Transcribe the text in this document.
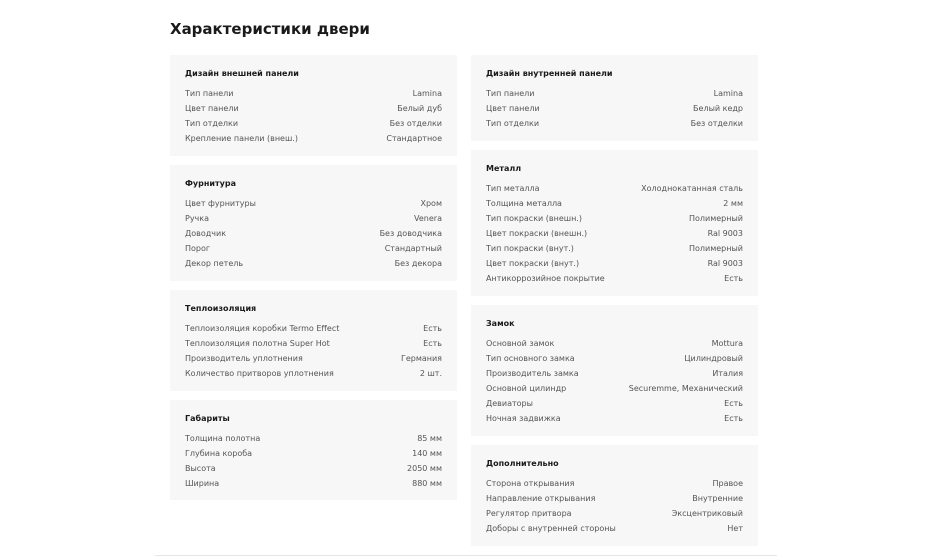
Характеристики двери
Дизайн внешней панели
Тип панели	Lamina
Цвет панели	Белый дуб
Тип отделки	Без отделки
Крепление панели (внеш.)	Стандартное
Фурнитура
Цвет фурнитуры	Хром
Ручка	Venera
Доводчик	Без доводчика
Порог	Стандартный
Декор петель	Без декора
Теплоизоляция
Теплоизоляция коробки Termo Effect	Есть
Теплоизоляция полотна Super Hot	Есть
Производитель уплотнения	Германия
Количество притворов уплотнения	2 шт.
Габариты
Толщина полотна	85 мм
Глубина короба	140 мм
Высота	2050 мм
Ширина	880 мм
Дизайн внутренней панели
Тип панели	Lamina
Цвет панели	Белый кедр
Тип отделки	Без отделки
Металл
Тип металла	Холоднокатанная сталь
Толщина металла	2 мм
Тип покраски (внешн.)	Полимерный
Цвет покраски (внешн.)	Ral 9003
Тип покраски (внут.)	Полимерный
Цвет покраски (внут.)	Ral 9003
Антикоррозийное покрытие	Есть
Замок
Основной замок	Mottura
Тип основного замка	Цилиндровый
Производитель замка	Италия
Основной цилиндр	Securemme, Механический
Девиаторы	Есть
Ночная задвижка	Есть
Дополнительно
Сторона открывания	Правое
Направление открывания	Внутренние
Регулятор притвора	Эксцентриковый
Доборы с внутренней стороны	Нет
